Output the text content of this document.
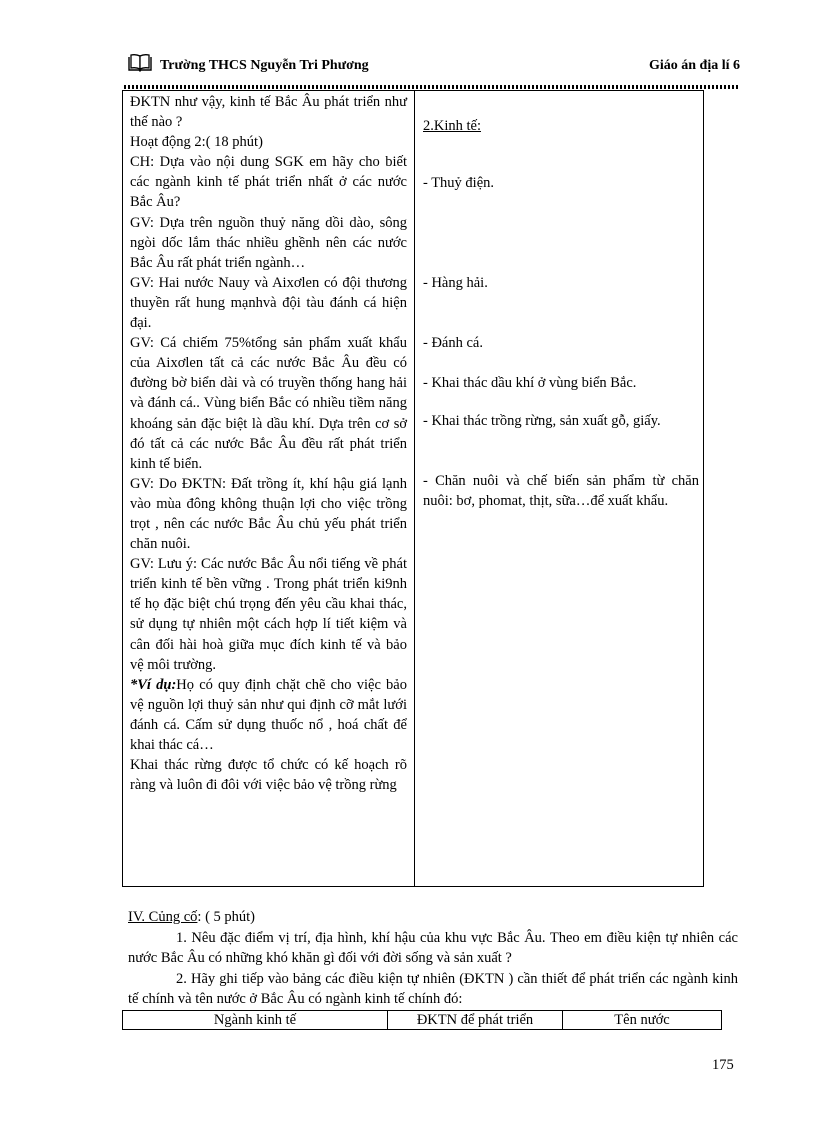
Trường THCS Nguyễn Tri Phương	Giáo án địa lí 6

ĐKTN như vậy, kinh tế Bắc Âu phát triển như thế nào ?

Hoạt động 2:( 18 phút)

CH: Dựa vào nội dung SGK em hãy cho biết các ngành kinh tế phát triển nhất ở các nước Bắc Âu?

GV: Dựa trên nguồn thuỷ năng dồi dào, sông ngòi dốc lắm thác nhiều ghềnh nên các nước Bắc Âu rất phát triển ngành…

GV: Hai nước Nauy và Aixơlen có đội thương thuyền rất hung mạnhvà đội tàu đánh cá hiện đại.

GV: Cá chiếm 75%tổng sản phẩm xuất khẩu của Aixơlen tất cả các nước Bắc Âu đều có đường bờ biển dài và có truyền thống hang hải và đánh cá.. Vùng biển Bắc có nhiều tiềm năng khoáng sản đặc biệt là dầu khí. Dựa trên cơ sở đó tất cả các nước Bắc Âu đều rất phát triển kinh tế biển.

GV: Do ĐKTN: Đất trồng ít, khí hậu giá lạnh vào mùa đông không thuận lợi cho việc trồng trọt , nên các nước Bắc Âu chủ yếu phát triển chăn nuôi.

GV: Lưu ý: Các nước Bắc Âu nổi tiếng về phát triển kinh tế bền vững . Trong phát triển ki9nh tế họ đặc biệt chú trọng đến yêu cầu khai thác, sử dụng tự nhiên một cách hợp lí tiết kiệm và cân đối hài hoà giữa mục đích kinh tế và bảo vệ môi trường.

*Ví dụ:Họ có quy định chặt chẽ cho việc bảo vệ nguồn lợi thuỷ sản như qui định cỡ mắt lưới đánh cá. Cấm sử dụng thuốc nổ , hoá chất để khai thác cá…

Khai thác rừng được tổ chức có kế hoạch rõ ràng và luôn đi đôi với việc bảo vệ trồng rừng

2.Kinh tế:

- Thuỷ điện.

- Hàng hải.

- Đánh cá.

- Khai thác dầu khí ở vùng biển Bắc.

- Khai thác trồng rừng, sản xuất gỗ, giấy.

- Chăn nuôi và chế biến sản phẩm từ chăn nuôi: bơ, phomat, thịt, sữa…để xuất khẩu.

IV. Củng cố: ( 5 phút)

1. Nêu đặc điểm vị trí, địa hình, khí hậu của khu vực Bắc Âu. Theo em điều kiện tự nhiên các nước Bắc Âu có những khó khăn gì đối với đời sống và sản xuất ?

2. Hãy ghi tiếp vào bảng các điều kiện tự nhiên (ĐKTN ) cần thiết để phát triển các ngành kinh tế chính và tên nước ở Bắc Âu có ngành kinh tế chính đó:

Ngành kinh tế	ĐKTN để phát triển	Tên nước
175
